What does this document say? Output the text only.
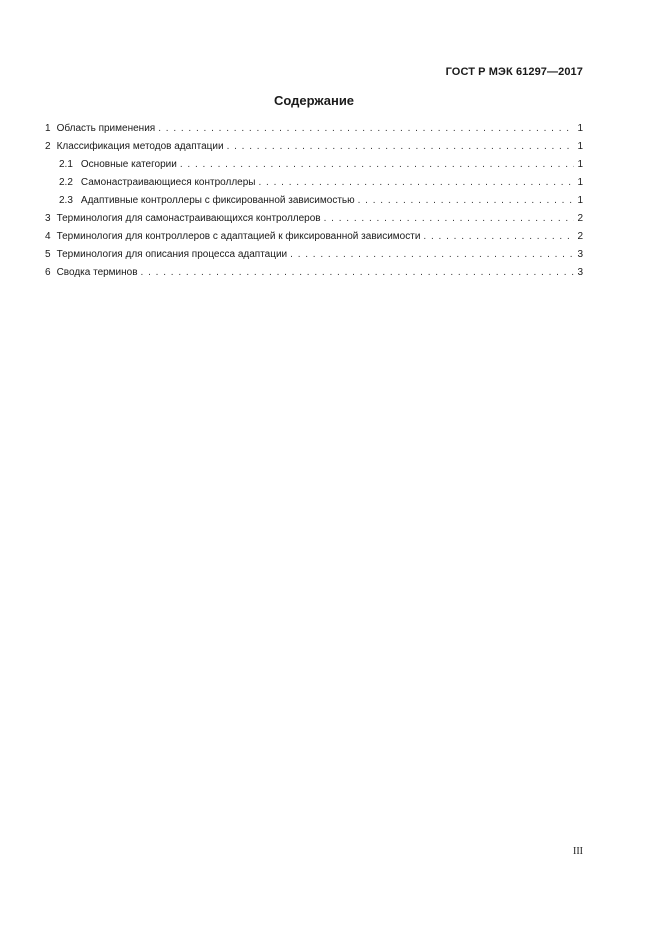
ГОСТ Р МЭК 61297—2017
Содержание
1 Область применения . . .	1
2 Классификация методов адаптации . . .	1
2.1 Основные категории . . .	1
2.2 Самонастраивающиеся контроллеры . . .	1
2.3 Адаптивные контроллеры с фиксированной зависимостью . . .	1
3 Терминология для самонастраивающихся контроллеров . . .	2
4 Терминология для контроллеров с адаптацией к фиксированной зависимости . . .	2
5 Терминология для описания процесса адаптации . . .	3
6 Сводка терминов . . .	3
III
